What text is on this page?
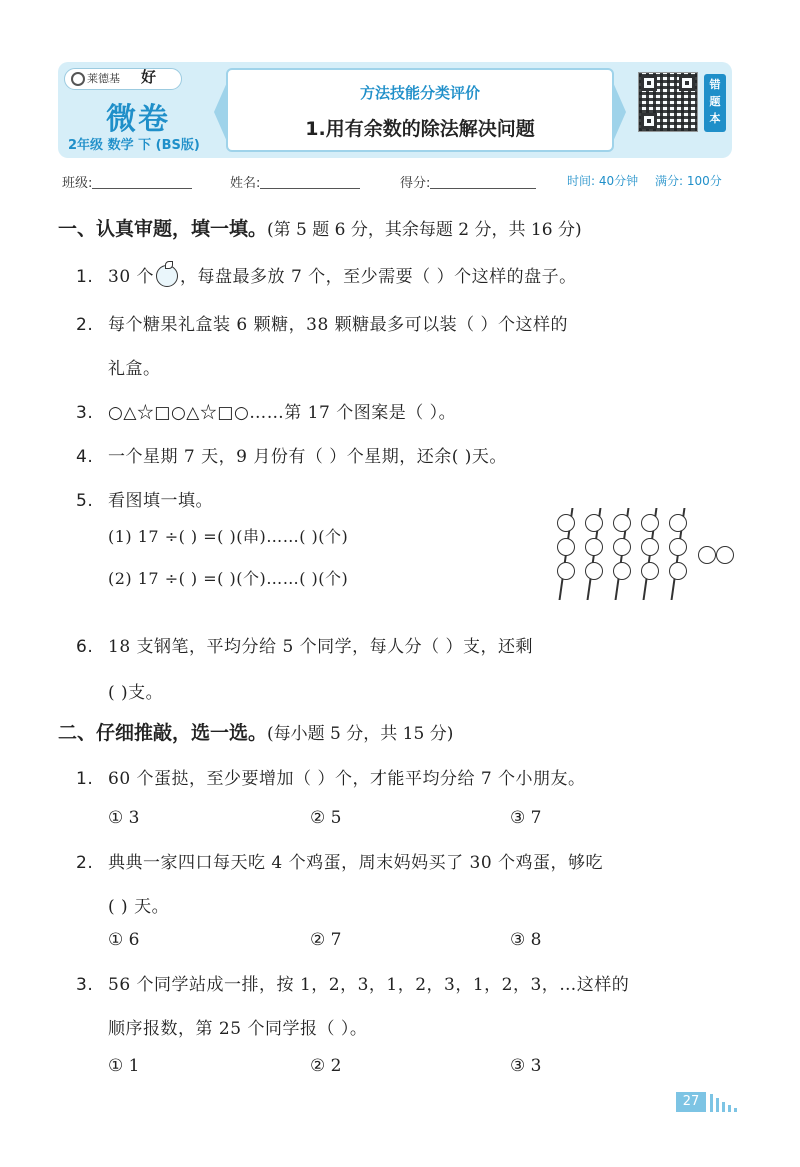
莱德基 好
微卷
2年级 数学 下 (BS版)
方法技能分类评价
1.用有余数的除法解决问题
错题本
班级:	姓名:	得分:	时间: 40分钟 满分: 100分
一、认真审题，填一填。(第 5 题 6 分，其余每题 2 分，共 16 分)
1. 30 个 ，每盘最多放 7 个，至少需要（ ）个这样的盘子。
2. 每个糖果礼盒装 6 颗糖，38 颗糖最多可以装（ ）个这样的
礼盒。
3. ○△☆□○△☆□○……第 17 个图案是（ ）。
4. 一个星期 7 天，9 月份有（ ）个星期，还余( )天。
5. 看图填一填。
(1) 17 ÷( ) =( )(串)……( )(个)
(2) 17 ÷( ) =( )(个)……( )(个)
6. 18 支钢笔，平均分给 5 个同学，每人分（ ）支，还剩
( )支。
二、仔细推敲，选一选。(每小题 5 分，共 15 分)
1. 60 个蛋挞，至少要增加（ ）个，才能平均分给 7 个小朋友。
① 3	② 5	③ 7
2. 典典一家四口每天吃 4 个鸡蛋，周末妈妈买了 30 个鸡蛋，够吃
( ) 天。
① 6	② 7	③ 8
3. 56 个同学站成一排，按 1，2，3，1，2，3，1，2，3，…这样的
顺序报数，第 25 个同学报（ ）。
① 1	② 2	③ 3
27
